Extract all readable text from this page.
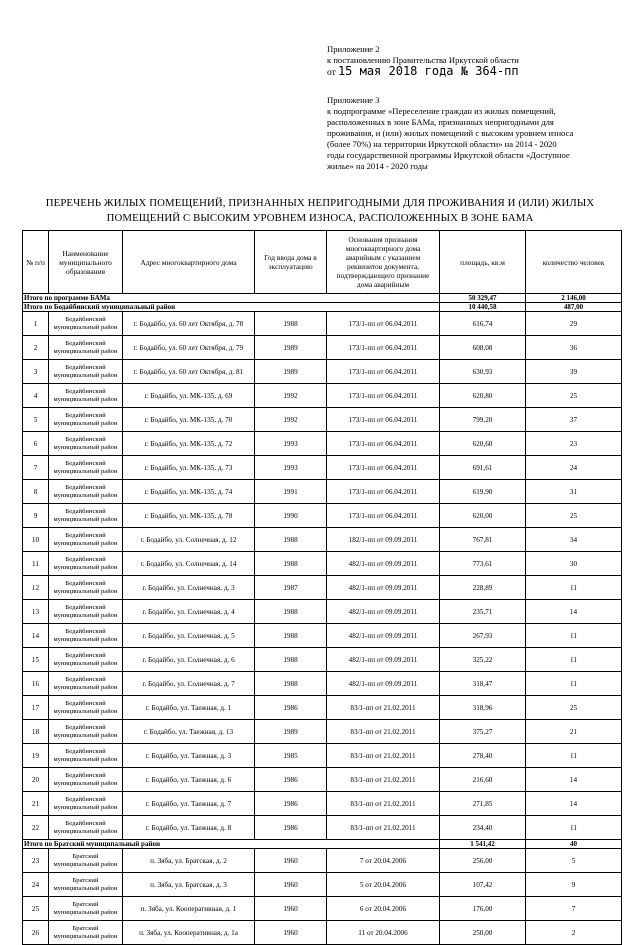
Приложение 2
к постановлению Правительства Иркутской области
от 15 мая 2018 года № 364-пп
Приложение 3
к подпрограмме «Переселение граждан из жилых помещений,
расположенных в зоне БАМа, признанных непригодными для
проживания, и (или) жилых помещений с высоким уровнем износа
(более 70%) на территории Иркутской области» на 2014 - 2020
годы государственной программы Иркутской области «Доступное
жилье» на 2014 - 2020 годы
ПЕРЕЧЕНЬ ЖИЛЫХ ПОМЕЩЕНИЙ, ПРИЗНАННЫХ НЕПРИГОДНЫМИ ДЛЯ ПРОЖИВАНИЯ И (ИЛИ) ЖИЛЫХ
ПОМЕЩЕНИЙ С ВЫСОКИМ УРОВНЕМ ИЗНОСА, РАСПОЛОЖЕННЫХ В ЗОНЕ БАМА
№ п/п	Наименование муниципального образования	Адрес многоквартирного дома	Год ввода дома в эксплуатацию	Основания признания многоквартирного дома аварийным с указанием реквизитов документа, подтверждающего признание дома аварийным	площадь, кв.м	количество человек
Итого по программе БАМа					50 329,47	2 146,00
Итого по Бодайбинский муниципальный район					10 440,58	487,00
1	Бодайбинский муниципальный район	г. Бодайбо, ул. 60 лет Октября, д. 78	1988	173/1-пп от 06.04.2011	616,74	29
2	Бодайбинский муниципальный район	г. Бодайбо, ул. 60 лет Октября, д. 79	1989	173/1-пп от 06.04.2011	608,08	36
3	Бодайбинский муниципальный район	г. Бодайбо, ул. 60 лет Октября, д. 81	1989	173/1-пп от 06.04.2011	630,93	39
4	Бодайбинский муниципальный район	г. Бодайбо, ул. МК-135, д. 69	1992	173/1-пп от 06.04.2011	620,80	25
5	Бодайбинский муниципальный район	г. Бодайбо, ул. МК-135, д. 70	1992	173/1-пп от 06.04.2011	799,20	37
6	Бодайбинский муниципальный район	г. Бодайбо, ул. МК-135, д. 72	1993	173/1-пп от 06.04.2011	620,60	23
7	Бодайбинский муниципальный район	г. Бодайбо, ул. МК-135, д. 73	1993	173/1-пп от 06.04.2011	691,61	24
8	Бодайбинский муниципальный район	г. Бодайбо, ул. МК-135, д. 74	1991	173/1-пп от 06.04.2011	619,90	31
9	Бодайбинский муниципальный район	г. Бодайбо, ул. МК-135, д. 78	1990	173/1-пп от 06.04.2011	620,00	25
10	Бодайбинский муниципальный район	г. Бодайбо, ул. Солнечная, д. 12	1988	182/1-пп от 09.09.2011	767,81	34
11	Бодайбинский муниципальный район	г. Бодайбо, ул. Солнечная, д. 14	1988	482/1-пп от 09.09.2011	773,61	30
12	Бодайбинский муниципальный район	г. Бодайбо, ул. Солнечная, д. 3	1987	482/1-пп от 09.09.2011	228,89	11
13	Бодайбинский муниципальный район	г. Бодайбо, ул. Солнечная, д. 4	1988	482/1-пп от 09.09.2011	235,71	14
14	Бодайбинский муниципальный район	г. Бодайбо, ул. Солнечная, д. 5	1988	482/1-пп от 09.09.2011	267,93	11
15	Бодайбинский муниципальный район	г. Бодайбо, ул. Солнечная, д. 6	1988	482/1-пп от 09.09.2011	325,22	11
16	Бодайбинский муниципальный район	г. Бодайбо, ул. Солнечная, д. 7	1988	482/1-пп от 09.09.2011	318,47	11
17	Бодайбинский муниципальный район	г. Бодайбо, ул. Таежная, д. 1	1986	83/1-пп от 21.02.2011	318,96	25
18	Бодайбинский муниципальный район	г. Бодайбо, ул. Таежная, д. 13	1989	83/1-пп от 21.02.2011	375,27	21
19	Бодайбинский муниципальный район	г. Бодайбо, ул. Таежная, д. 3	1985	83/1-пп от 21.02.2011	278,40	11
20	Бодайбинский муниципальный район	г. Бодайбо, ул. Таежная, д. 6	1986	83/1-пп от 21.02.2011	216,60	14
21	Бодайбинский муниципальный район	г. Бодайбо, ул. Таежная, д. 7	1986	83/1-пп от 21.02.2011	271,85	14
22	Бодайбинский муниципальный район	г. Бодайбо, ул. Таежная, д. 8	1986	83/1-пп от 21.02.2011	234,40	11
Итого по Братский муниципальный район					1 541,42	40
23	Братский муниципальный район	п. Зяба, ул. Братская, д. 2	1960	7 от 20.04.2006	256,00	5
24	Братский муниципальный район	п. Зяба, ул. Братская, д. 3	1960	5 от 20.04.2006	107,42	9
25	Братский муниципальный район	п. Зяба, ул. Кооперативная, д. 1	1960	6 от 20.04.2006	176,00	7
26	Братский муниципальный район	п. Зяба, ул. Кооперативная, д. 1а	1960	11 от 20.04.2006	250,00	2
